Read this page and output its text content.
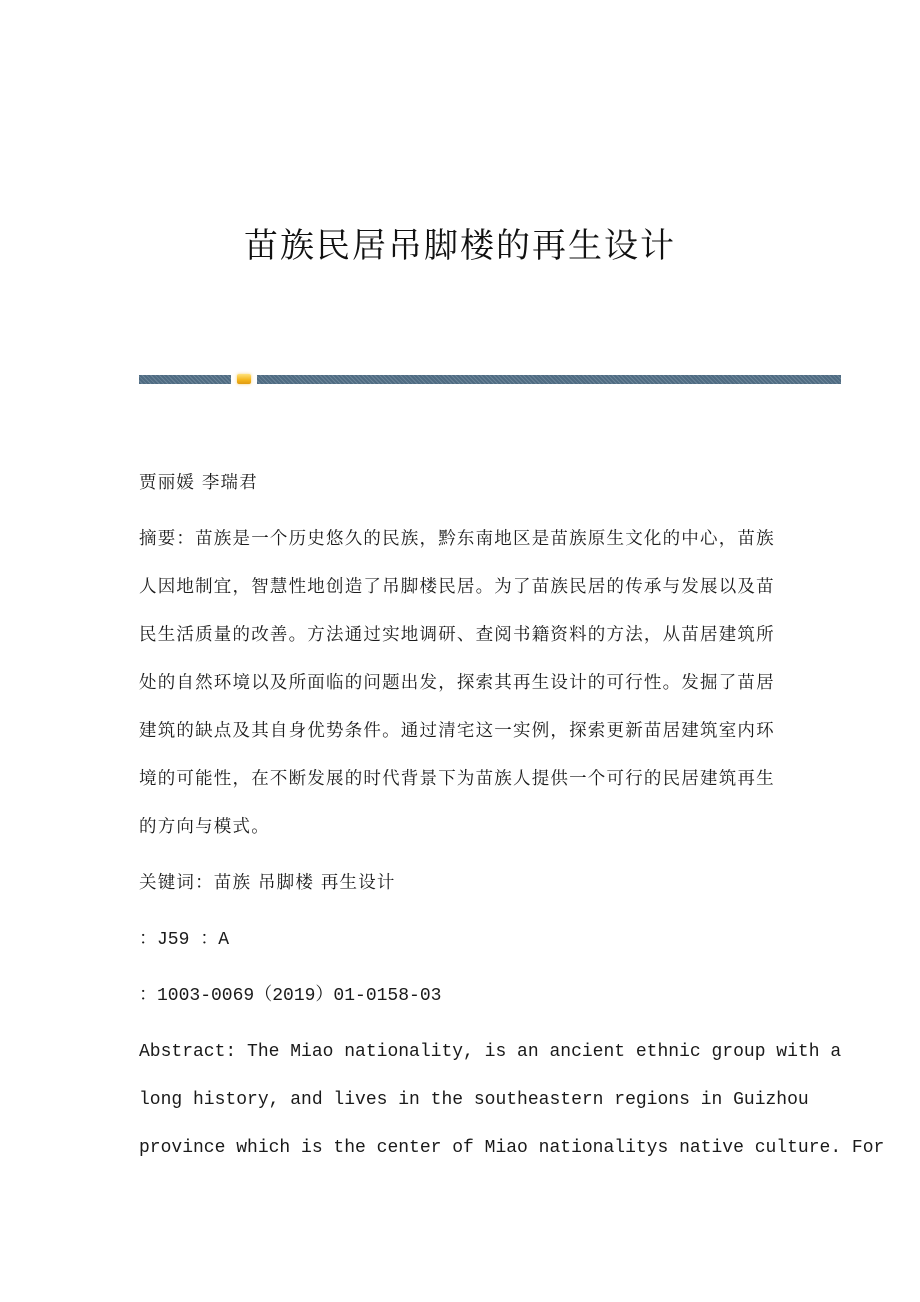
苗族民居吊脚楼的再生设计

贾丽媛 李瑞君

摘要：苗族是一个历史悠久的民族，黔东南地区是苗族原生文化的中心，苗族

人因地制宜，智慧性地创造了吊脚楼民居。为了苗族民居的传承与发展以及苗

民生活质量的改善。方法通过实地调研、查阅书籍资料的方法，从苗居建筑所

处的自然环境以及所面临的问题出发，探索其再生设计的可行性。发掘了苗居

建筑的缺点及其自身优势条件。通过清宅这一实例，探索更新苗居建筑室内环

境的可能性，在不断发展的时代背景下为苗族人提供一个可行的民居建筑再生

的方向与模式。

关键词：苗族 吊脚楼 再生设计

：J59 ：A

：1003-0069（2019）01-0158-03

Abstract: The Miao nationality, is an ancient ethnic group with a

long history, and lives in the southeastern regions in Guizhou

province which is the center of Miao nationalitys native culture. For
